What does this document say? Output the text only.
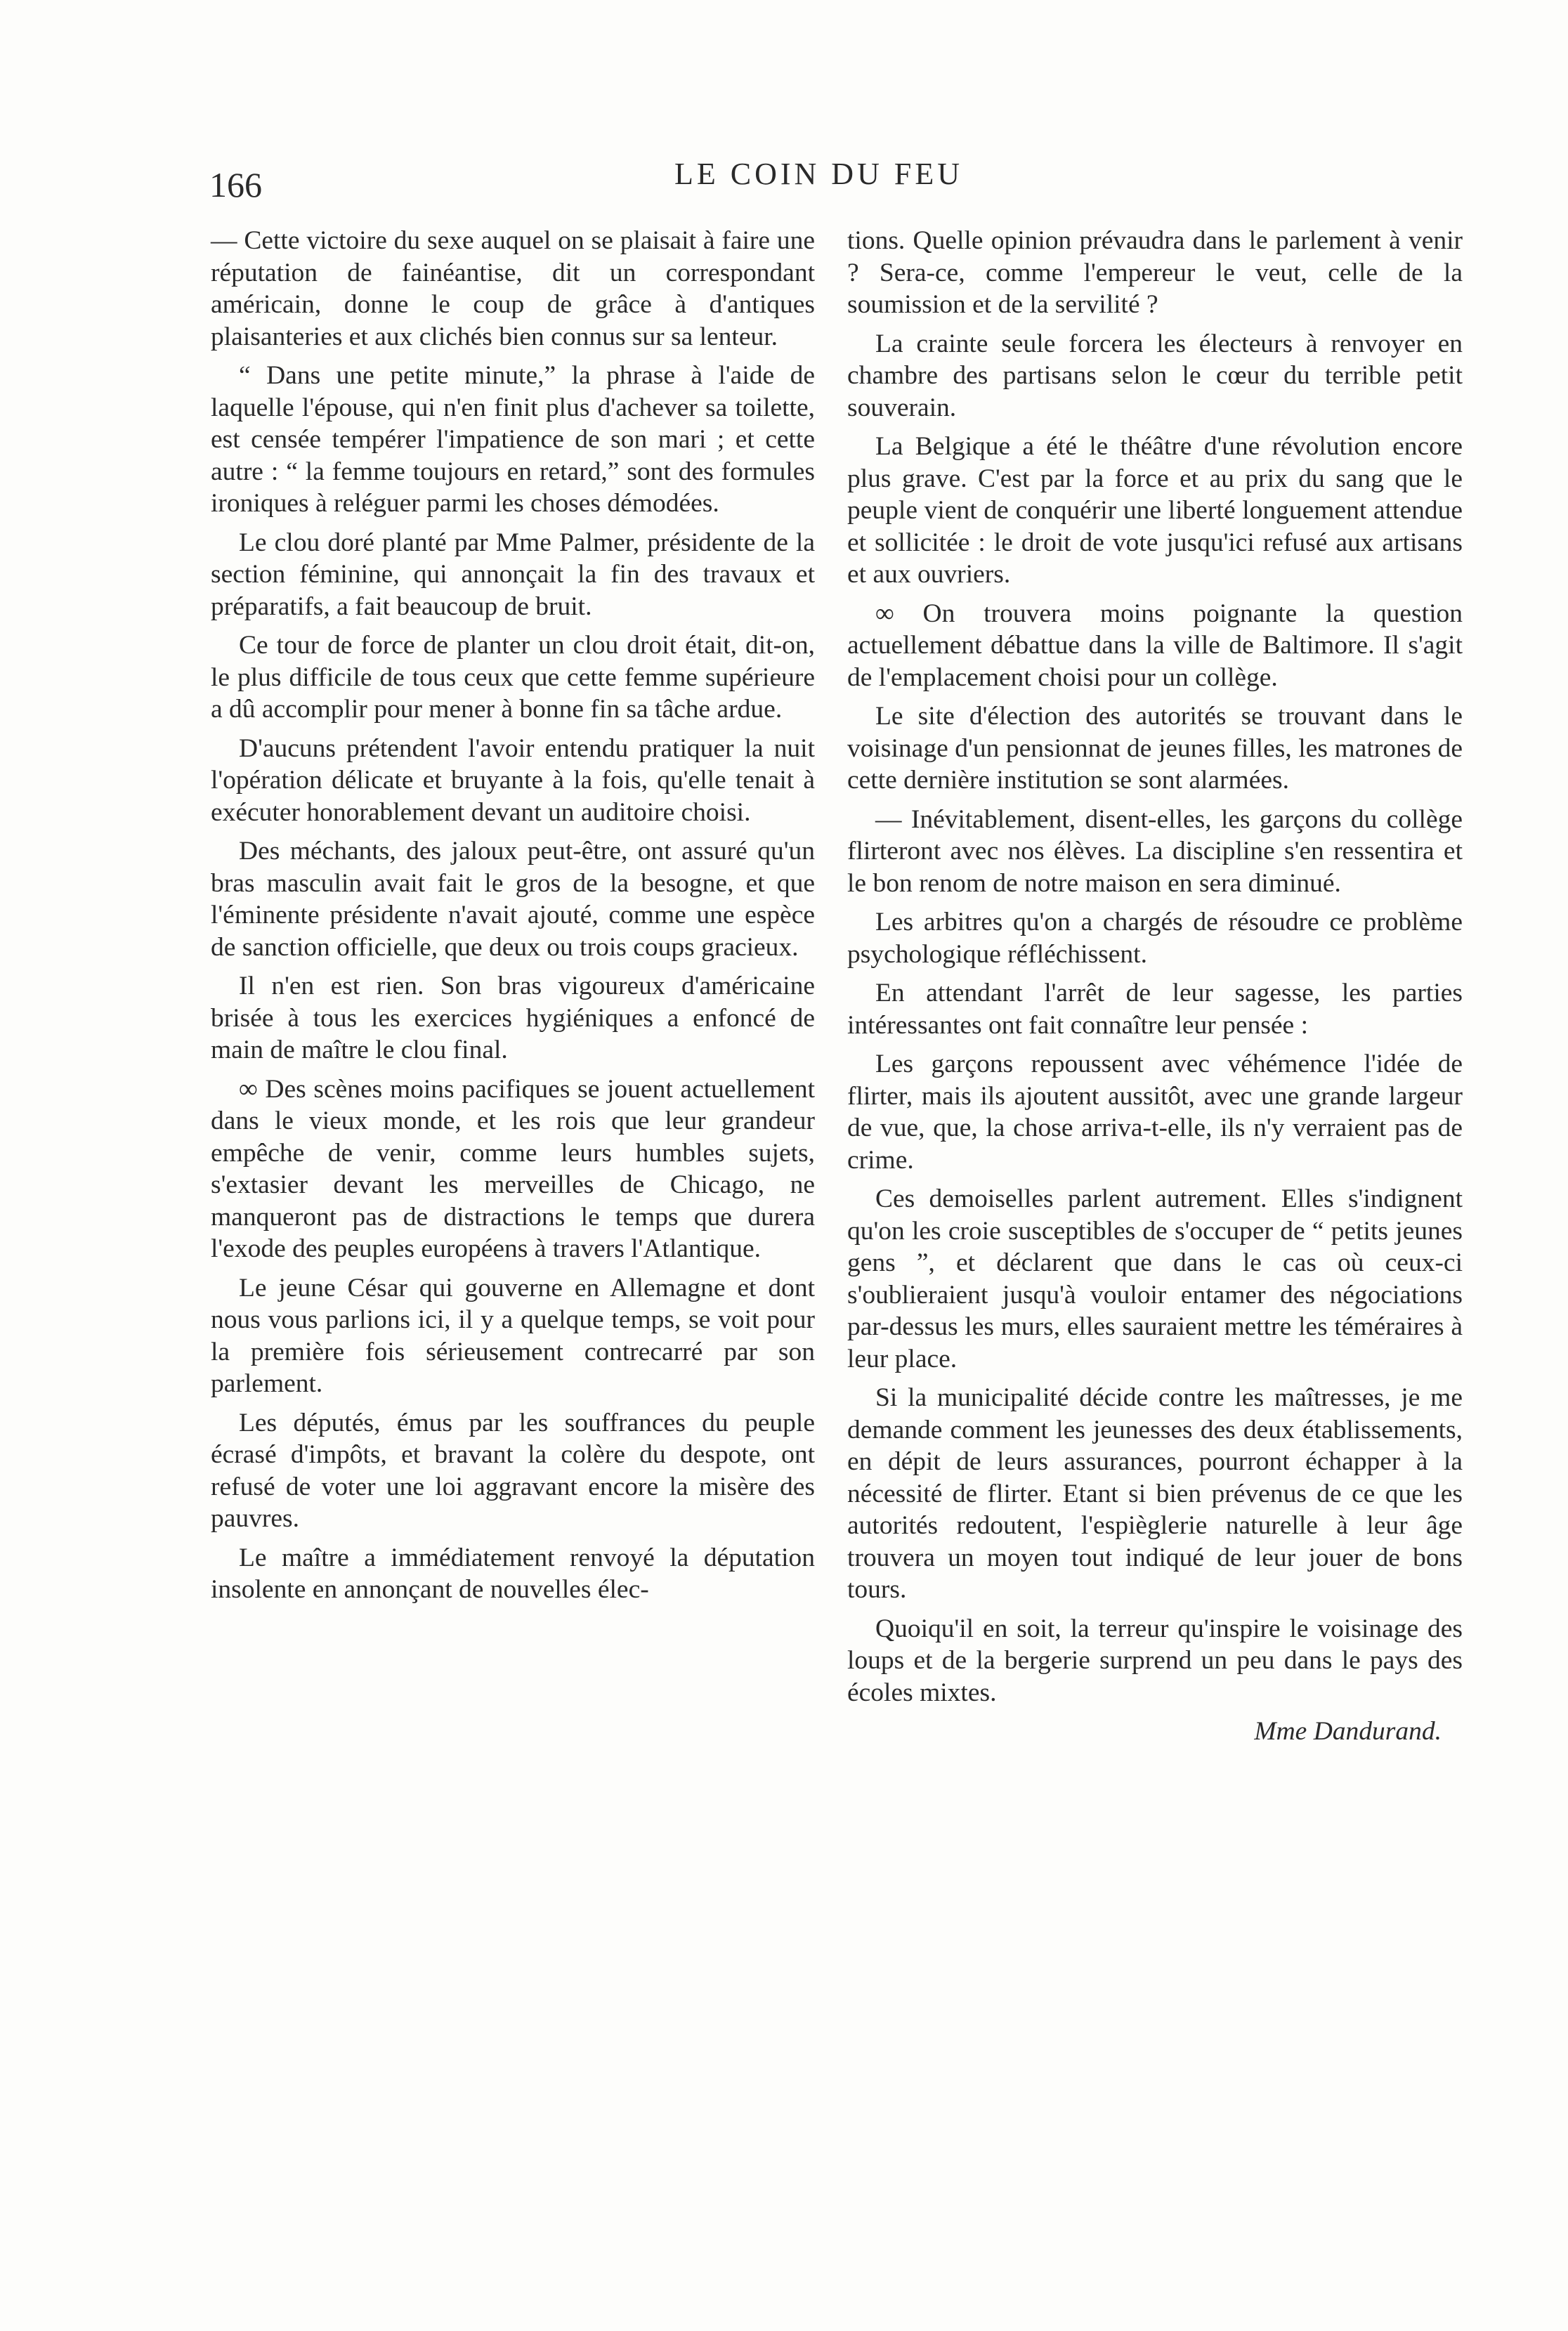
166	LE COIN DU FEU

— Cette victoire du sexe auquel on se plaisait à faire une réputation de fainéantise, dit un correspondant américain, donne le coup de grâce à d'antiques plaisanteries et aux clichés bien connus sur sa lenteur.

“ Dans une petite minute,” la phrase à l'aide de laquelle l'épouse, qui n'en finit plus d'achever sa toilette, est censée tempérer l'impatience de son mari ; et cette autre : “ la femme toujours en retard,” sont des formules ironiques à reléguer parmi les choses démodées.

Le clou doré planté par Mme Palmer, présidente de la section féminine, qui annonçait la fin des travaux et préparatifs, a fait beaucoup de bruit.

Ce tour de force de planter un clou droit était, dit-on, le plus difficile de tous ceux que cette femme supérieure a dû accomplir pour mener à bonne fin sa tâche ardue.

D'aucuns prétendent l'avoir entendu pratiquer la nuit l'opération délicate et bruyante à la fois, qu'elle tenait à exécuter honorablement devant un auditoire choisi.

Des méchants, des jaloux peut-être, ont assuré qu'un bras masculin avait fait le gros de la besogne, et que l'éminente présidente n'avait ajouté, comme une espèce de sanction officielle, que deux ou trois coups gracieux.

Il n'en est rien. Son bras vigoureux d'américaine brisée à tous les exercices hygiéniques a enfoncé de main de maître le clou final.

∞ Des scènes moins pacifiques se jouent actuellement dans le vieux monde, et les rois que leur grandeur empêche de venir, comme leurs humbles sujets, s'extasier devant les merveilles de Chicago, ne manqueront pas de distractions le temps que durera l'exode des peuples européens à travers l'Atlantique.

Le jeune César qui gouverne en Allemagne et dont nous vous parlions ici, il y a quelque temps, se voit pour la première fois sérieusement contrecarré par son parlement.

Les députés, émus par les souffrances du peuple écrasé d'impôts, et bravant la colère du despote, ont refusé de voter une loi aggravant encore la misère des pauvres.

Le maître a immédiatement renvoyé la députation insolente en annonçant de nouvelles élec-

tions. Quelle opinion prévaudra dans le parlement à venir ? Sera-ce, comme l'empereur le veut, celle de la soumission et de la servilité ?

La crainte seule forcera les électeurs à renvoyer en chambre des partisans selon le cœur du terrible petit souverain.

La Belgique a été le théâtre d'une révolution encore plus grave. C'est par la force et au prix du sang que le peuple vient de conquérir une liberté longuement attendue et sollicitée : le droit de vote jusqu'ici refusé aux artisans et aux ouvriers.

∞ On trouvera moins poignante la question actuellement débattue dans la ville de Baltimore. Il s'agit de l'emplacement choisi pour un collège.

Le site d'élection des autorités se trouvant dans le voisinage d'un pensionnat de jeunes filles, les matrones de cette dernière institution se sont alarmées.

— Inévitablement, disent-elles, les garçons du collège flirteront avec nos élèves. La discipline s'en ressentira et le bon renom de notre maison en sera diminué.

Les arbitres qu'on a chargés de résoudre ce problème psychologique réfléchissent.

En attendant l'arrêt de leur sagesse, les parties intéressantes ont fait connaître leur pensée :

Les garçons repoussent avec véhémence l'idée de flirter, mais ils ajoutent aussitôt, avec une grande largeur de vue, que, la chose arriva-t-elle, ils n'y verraient pas de crime.

Ces demoiselles parlent autrement. Elles s'indignent qu'on les croie susceptibles de s'occuper de “ petits jeunes gens ”, et déclarent que dans le cas où ceux-ci s'oublieraient jusqu'à vouloir entamer des négociations par-dessus les murs, elles sauraient mettre les téméraires à leur place.

Si la municipalité décide contre les maîtresses, je me demande comment les jeunesses des deux établissements, en dépit de leurs assurances, pourront échapper à la nécessité de flirter. Etant si bien prévenus de ce que les autorités redoutent, l'espièglerie naturelle à leur âge trouvera un moyen tout indiqué de leur jouer de bons tours.

Quoiqu'il en soit, la terreur qu'inspire le voisinage des loups et de la bergerie surprend un peu dans le pays des écoles mixtes.

Mme Dandurand.
